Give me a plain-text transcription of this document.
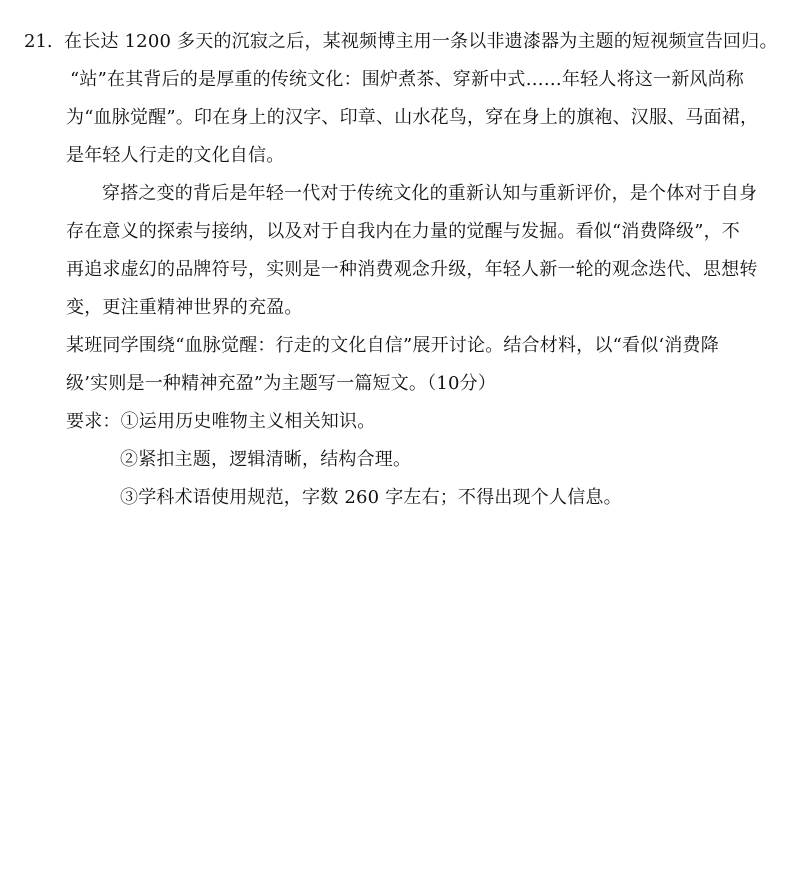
21. 在长达 1200 多天的沉寂之后，某视频博主用一条以非遗漆器为主题的短视频宣告回归。
“站”在其背后的是厚重的传统文化：围炉煮茶、穿新中式……年轻人将这一新风尚称
为“血脉觉醒”。印在身上的汉字、印章、山水花鸟，穿在身上的旗袍、汉服、马面裙，
是年轻人行走的文化自信。
穿搭之变的背后是年轻一代对于传统文化的重新认知与重新评价，是个体对于自身
存在意义的探索与接纳，以及对于自我内在力量的觉醒与发掘。看似“消费降级”，不
再追求虚幻的品牌符号，实则是一种消费观念升级，年轻人新一轮的观念迭代、思想转
变，更注重精神世界的充盈。
某班同学围绕“血脉觉醒：行走的文化自信”展开讨论。结合材料，以“看似‘消费降
级’实则是一种精神充盈”为主题写一篇短文。（10分）
要求：①运用历史唯物主义相关知识。
②紧扣主题，逻辑清晰，结构合理。
③学科术语使用规范，字数 260 字左右；不得出现个人信息。
